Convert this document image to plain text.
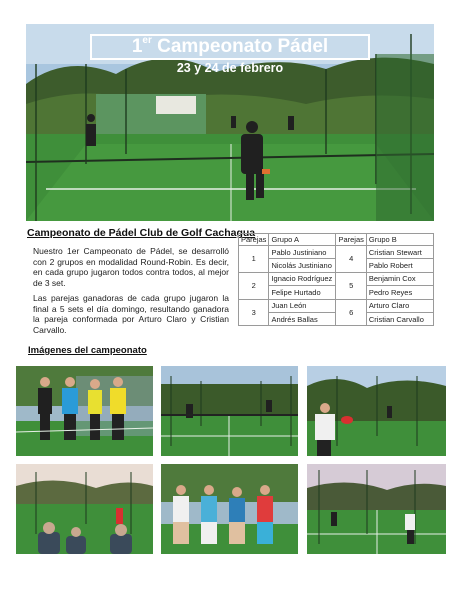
1er Campeonato Pádel
23 y 24 de febrero
Campeonato de Pádel Club de Golf Cachagua

Nuestro 1er Campeonato de Pádel, se desarrolló con 2 grupos en modalidad Round-Robin. Es decir, en cada grupo jugaron todos contra todos, al mejor de 3 set.

Las parejas ganadoras de cada grupo jugaron la final a 5 sets el día domingo, resultando ganadora la pareja conformada por Arturo Claro y Cristian Carvallo.

Parejas	Grupo A	Parejas	Grupo B
1	Pablo Justiniano	4	Cristian Stewart
	Nicolás Justiniano		Pablo Robert
2	Ignacio Rodríguez	5	Benjamin Cox
	Felipe Hurtado		Pedro Reyes
3	Juan León	6	Arturo Claro
	Andrés Ballas		Cristian Carvallo
Imágenes del campeonato
